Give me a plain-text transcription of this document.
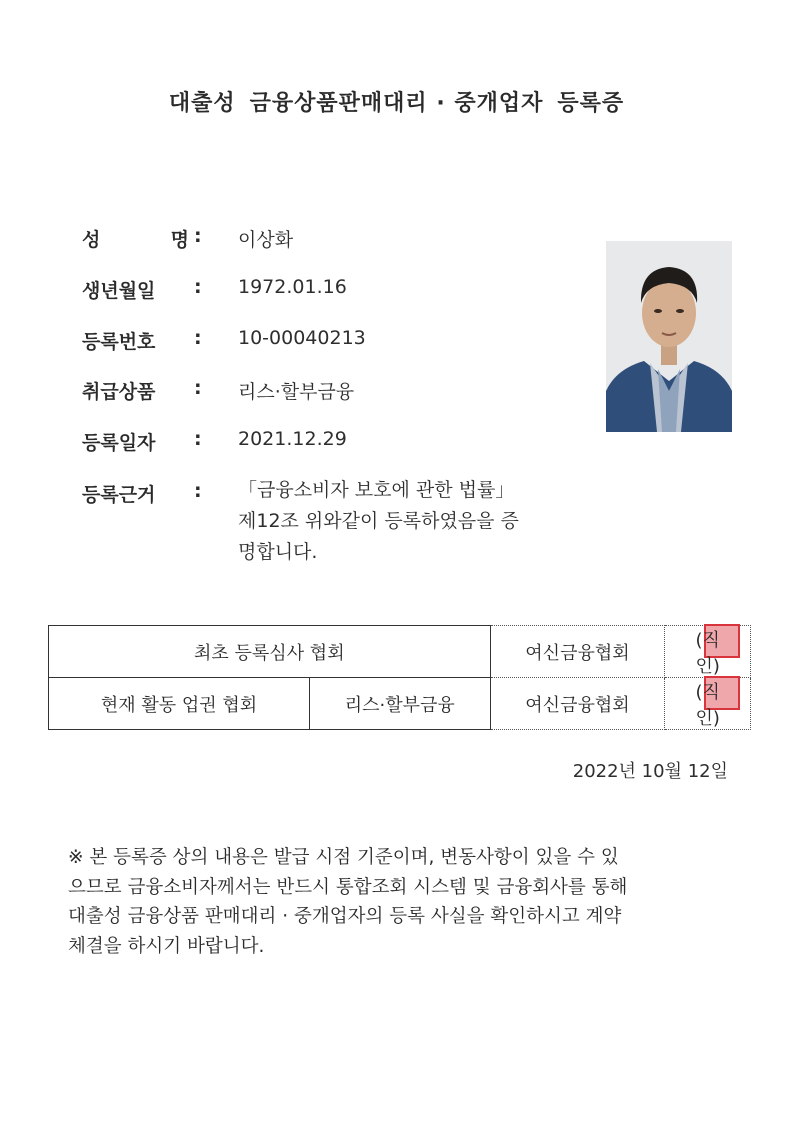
대출성 금융상품판매대리 · 중개업자 등록증
성	명 :	이상화
생년월일 :	1972.01.16
등록번호 :	10-00040213
취급상품 :	리스·할부금융
등록일자 :	2021.12.29
등록근거 :	「금융소비자 보호에 관한 법률」
제12조 위와같이 등록하였음을 증
명합니다.
최초 등록심사 협회		여신금융협회	(직인)
현재 활동 업권 협회	리스·할부금융	여신금융협회	(직인)
2022년 10월 12일

※ 본 등록증 상의 내용은 발급 시점 기준이며, 변동사항이 있을 수 있

으므로 금융소비자께서는 반드시 통합조회 시스템 및 금융회사를 통해

대출성 금융상품 판매대리 · 중개업자의 등록 사실을 확인하시고 계약

체결을 하시기 바랍니다.
